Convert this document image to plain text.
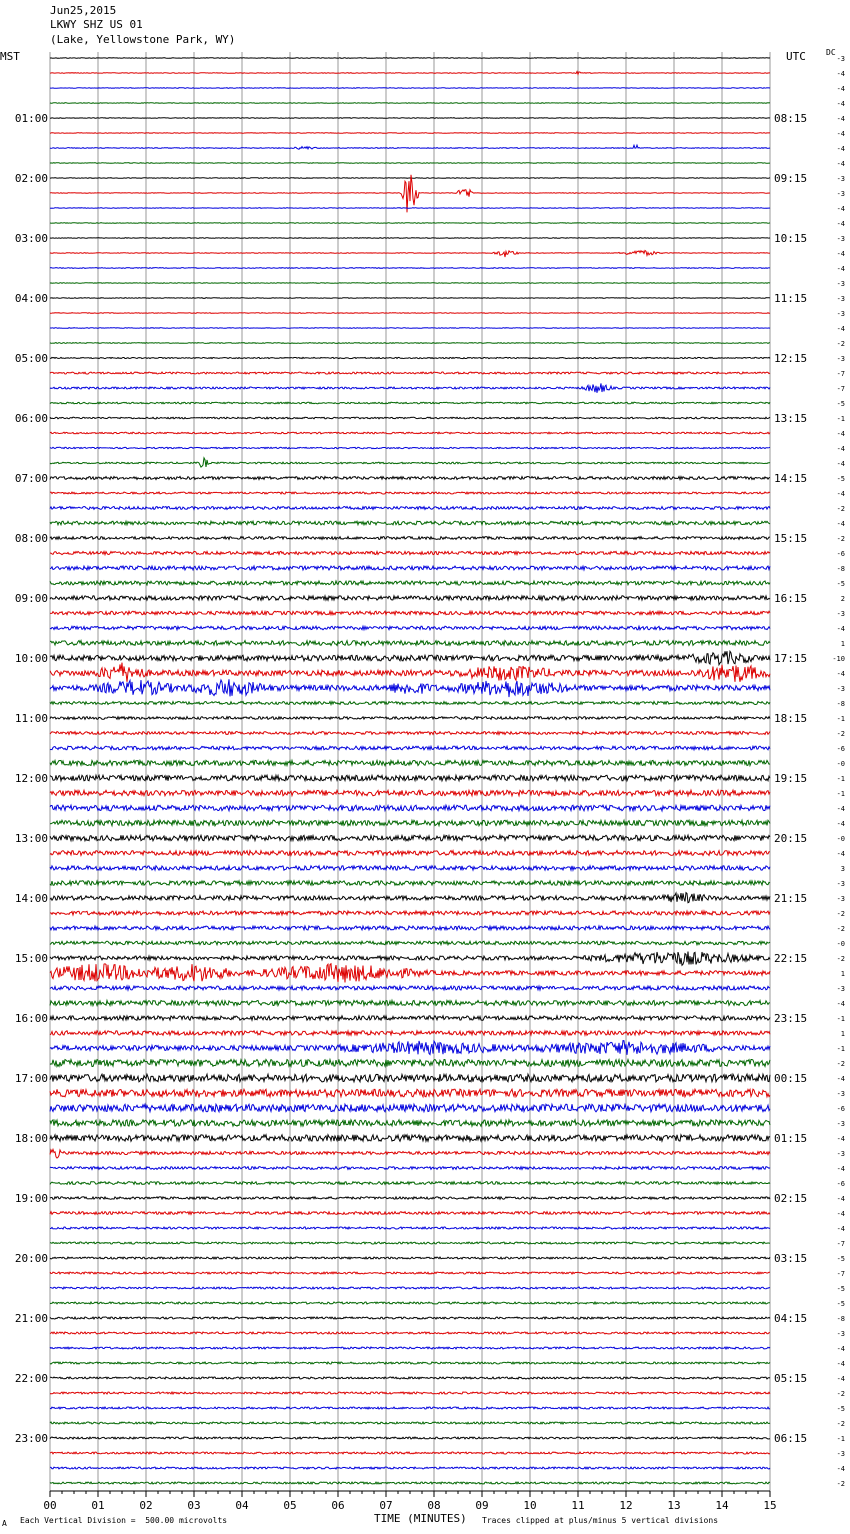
Jun25,2015
LKWY SHZ US 01
(Lake, Yellowstone Park, WY)
MST	UTC	DC
01:00
02:00
03:00
04:00
05:00
06:00
07:00
08:00
09:00
10:00
11:00
12:00
13:00
14:00
15:00
16:00
17:00
18:00
19:00
20:00
21:00
22:00
23:00
08:15
09:15
10:15
11:15
12:15
13:15
14:15
15:15
16:15
17:15
18:15
19:15
20:15
21:15
22:15
23:15
00:15
01:15
02:15
03:15
04:15
05:15
06:15
-3
-4
-4
-4
-4
-4
-4
-4
-3
-3
-4
-4
-3
-4
-4
-3
-3
-3
-4
-2
-3
-7
-7
-5
-1
-4
-4
-4
-5
-4
-2
-4
-2
-6
-8
-5
2
-3
-4
1
-10
-4
-3
-8
-1
-2
-6
-0
-1
-1
-4
-4
-0
-4
3
-3
-3
-2
-2
-0
-2
1
-3
-4
-1
1
-1
-2
-4
-3
-6
-3
-4
-3
-4
-6
-4
-4
-4
-7
-5
-7
-5
-5
-8
-3
-4
-4
-4
-2
-5
-2
-1
-3
-4
-2
00	01	02	03	04	05	06	07	08	09	10	11	12	13	14	15
TIME (MINUTES)
A Each Vertical Division =  500.00 microvolts	Traces clipped at plus/minus 5 vertical divisions
